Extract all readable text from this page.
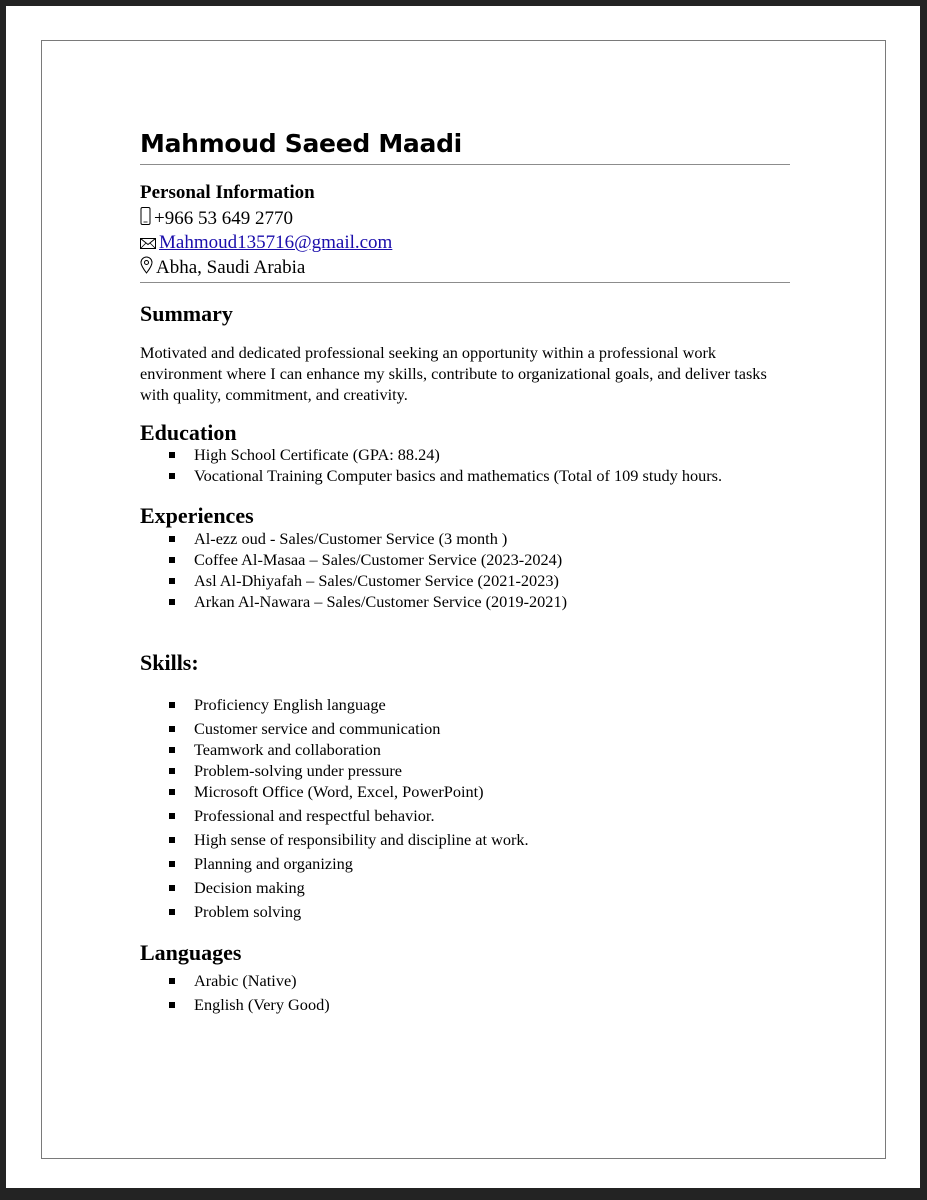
Mahmoud Saeed Maadi
Personal Information
+966 53 649 2770
Mahmoud135716@gmail.com
Abha, Saudi Arabia
Summary

Motivated and dedicated professional seeking an opportunity within a professional work environment where I can enhance my skills, contribute to organizational goals, and deliver tasks with quality, commitment, and creativity.

Education
High School Certificate (GPA: 88.24)
Vocational Training Computer basics and mathematics (Total of 109 study hours.
Experiences
Al-ezz oud - Sales/Customer Service (3 month )
Coffee Al-Masaa – Sales/Customer Service (2023-2024)
Asl Al-Dhiyafah – Sales/Customer Service (2021-2023)
Arkan Al-Nawara – Sales/Customer Service (2019-2021)
Skills:
Proficiency English language
Customer service and communication
Teamwork and collaboration
Problem-solving under pressure
Microsoft Office (Word, Excel, PowerPoint)
Professional and respectful behavior.
High sense of responsibility and discipline at work.
Planning and organizing
Decision making
Problem solving
Languages
Arabic (Native)
English (Very Good)
